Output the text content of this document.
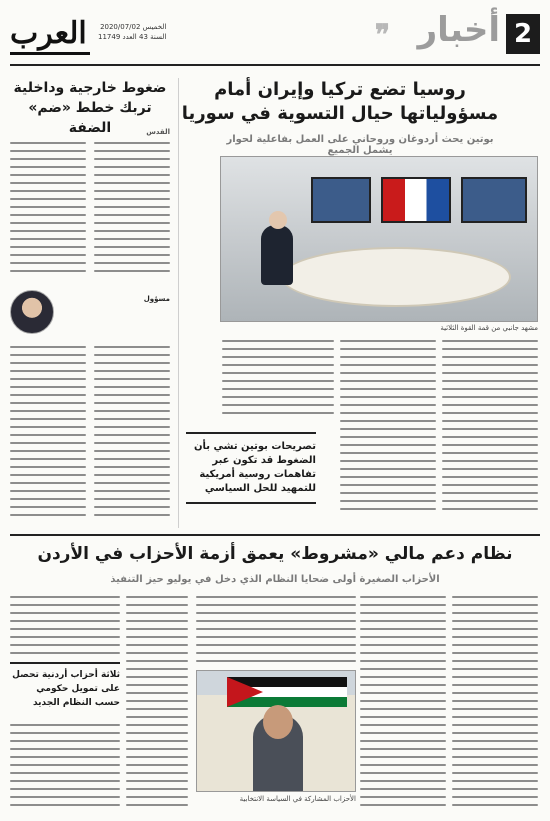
2
أخبار
❞
العرب الخميس 2020/07/02
السنة 43 العدد 11749
روسيا تضع تركيا وإيران أمام مسؤولياتها حيال التسوية في سوريا
بوتين يحث أردوغان وروحاني على العمل بفاعلية لحوار يشمل الجميع
مشهد جانبي من قمة القوة الثلاثية
تصريحات بوتين تشي بأن الضغوط قد تكون عبر تفاهمات روسية أمريكية للتمهيد للحل السياسي
ضغوط خارجية وداخلية تربك خطط «ضم» الضفة	القدس
مسؤول
نظام دعم مالي «مشروط» يعمق أزمة الأحزاب في الأردن
الأحزاب الصغيرة أولى ضحايا النظام الذي دخل في يوليو حيز التنفيذ
الأحزاب المشاركة في السياسة الانتخابية
ثلاثة أحزاب أردنية تحصل على تمويل حكومي حسب النظام الجديد
